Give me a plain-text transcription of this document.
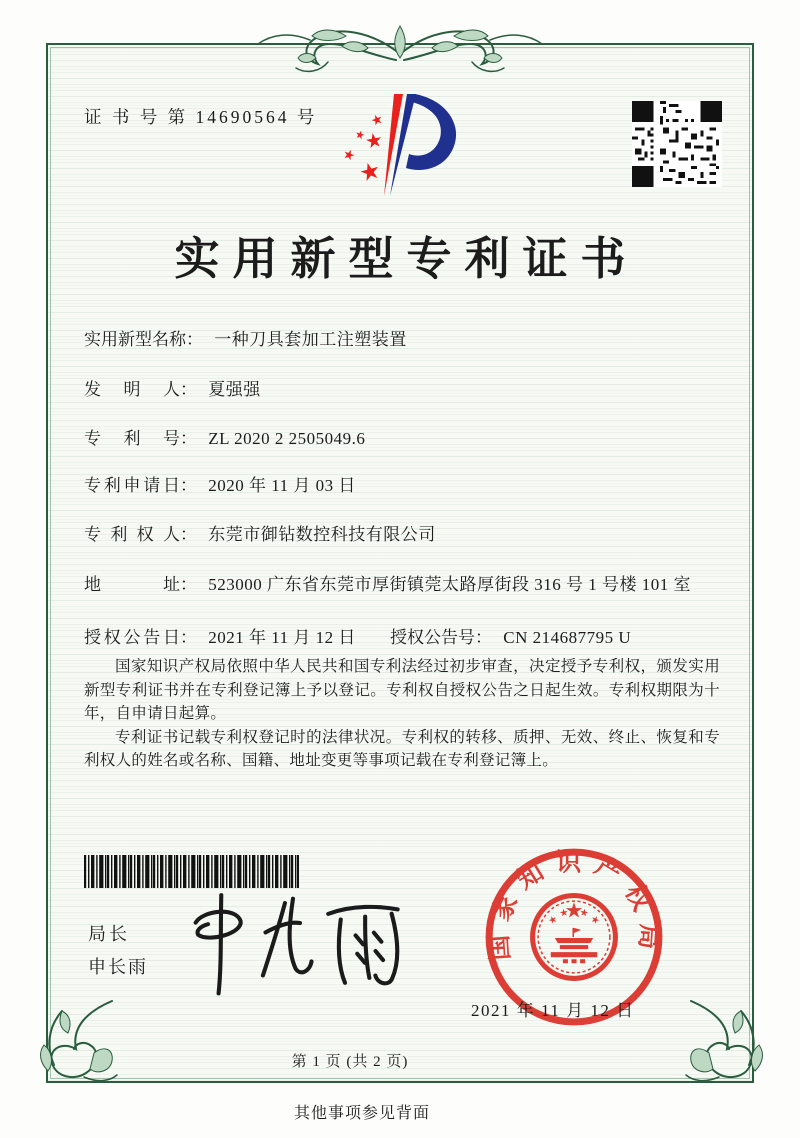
证 书 号 第 14690564 号
实用新型专利证书
实用新型名称： 一种刀具套加工注塑装置
发明人： 夏强强
专利号： ZL 2020 2 2505049.6
专利申请日： 2020 年 11 月 03 日
专利权人： 东莞市御钻数控科技有限公司
地址： 523000 广东省东莞市厚街镇莞太路厚街段 316 号 1 号楼 101 室
授权公告日： 2021 年 11 月 12 日 授权公告号： CN 214687795 U

国家知识产权局依照中华人民共和国专利法经过初步审查，决定授予专利权，颁发实用新型专利证书并在专利登记簿上予以登记。专利权自授权公告之日起生效。专利权期限为十年，自申请日起算。

专利证书记载专利权登记时的法律状况。专利权的转移、质押、无效、终止、恢复和专利权人的姓名或名称、国籍、地址变更等事项记载在专利登记簿上。

局长
申长雨
国家知识产权局
2021 年 11 月 12 日
第 1 页 (共 2 页)
其他事项参见背面
